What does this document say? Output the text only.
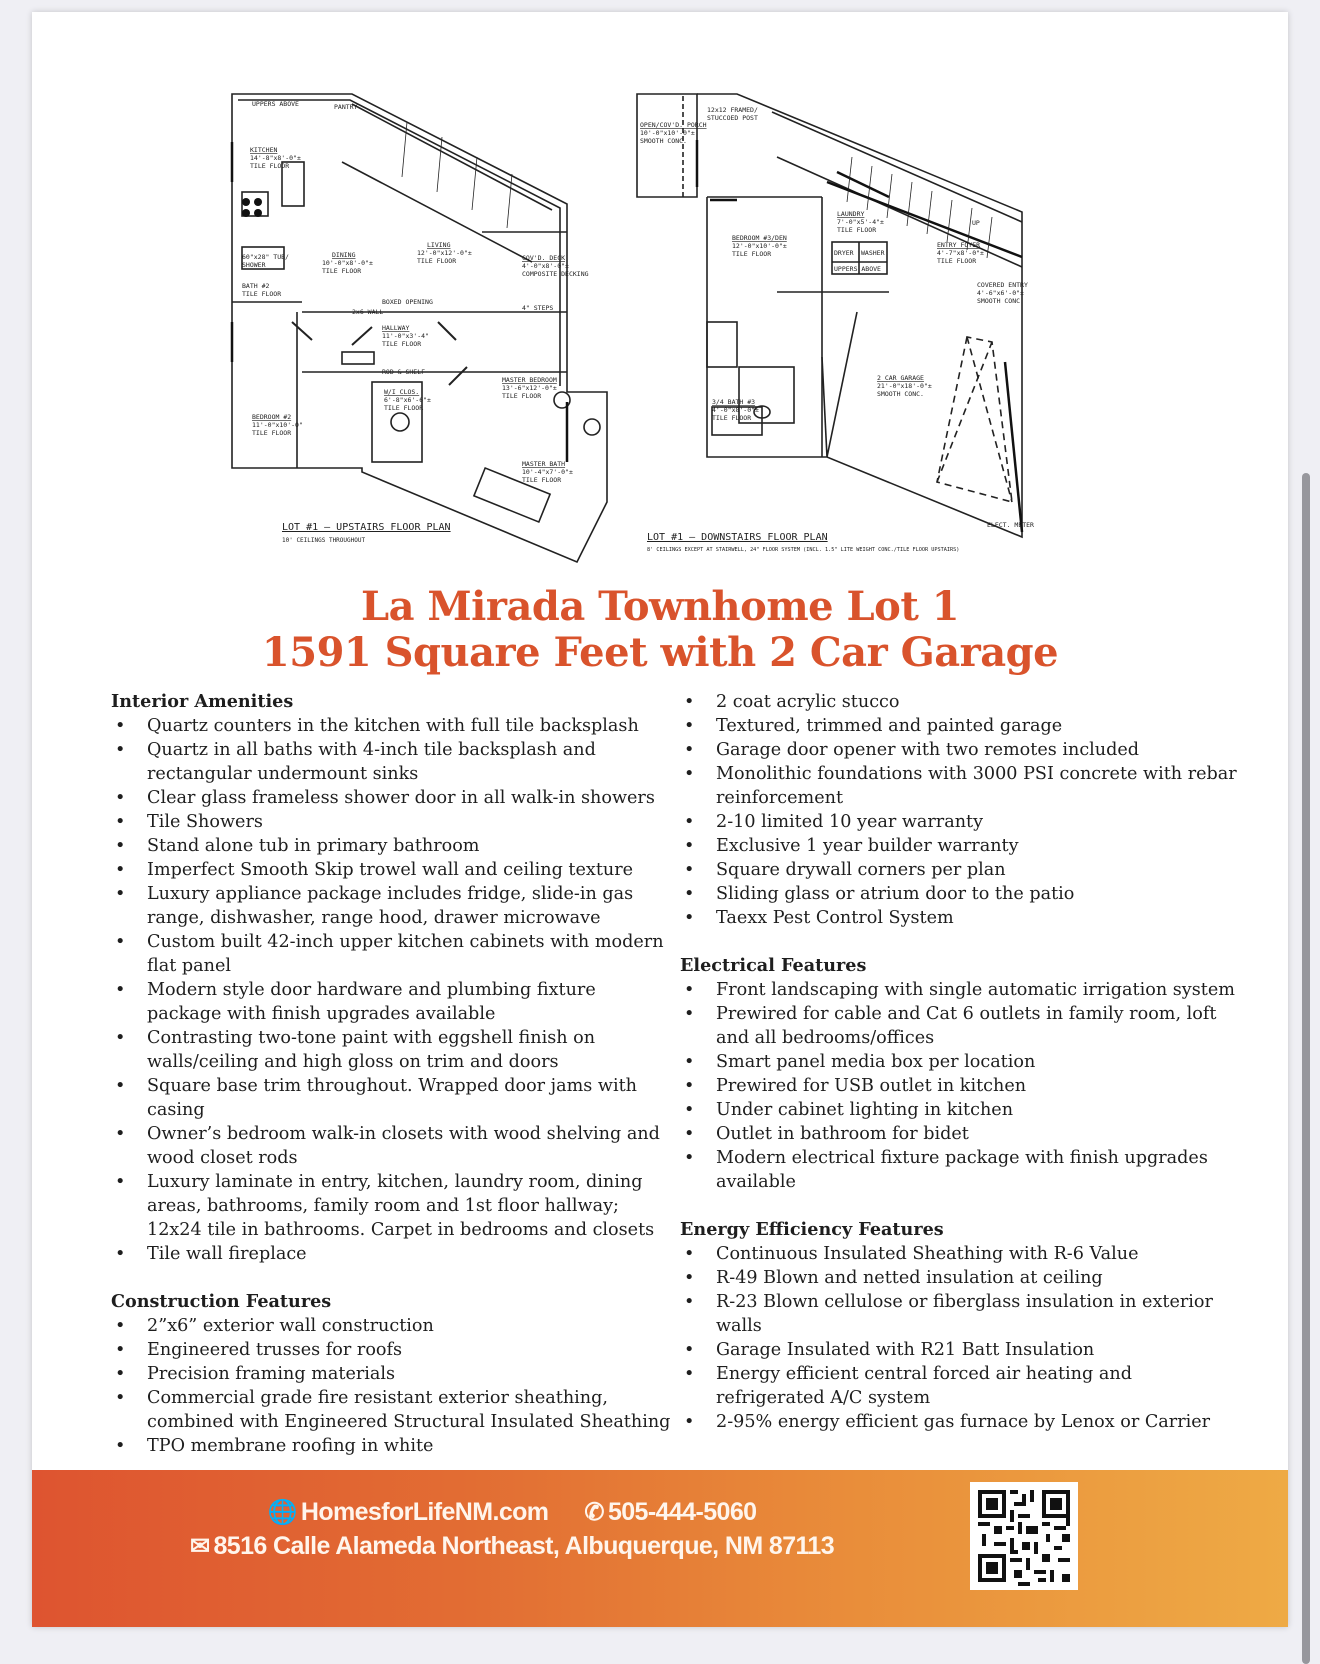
UPPERS ABOVE	PANTRY
KITCHEN
14'-8"x8'-0"±
TILE FLOOR
DINING
10'-0"x8'-0"±
TILE FLOOR
LIVING
12'-0"x12'-0"±
TILE FLOOR	COV'D. DECK
4'-0"x8'-0"±
COMPOSITE DECKING
BOXED OPENING
4" STEPS
HALLWAY
11'-0"x3'-4"
TILE FLOOR
MASTER BEDROOM
13'-6"x12'-0"±
TILE FLOOR
BEDROOM #2
11'-0"x10'-0"
TILE FLOOR
W/I CLOS.
6'-8"x6'-6"±
TILE FLOOR
MASTER BATH
10'-4"x7'-0"±
TILE FLOOR
ROD & SHELF
2x6 WALL
60"x28" TUB/
SHOWER
BATH #2
TILE FLOOR
LOT #1 — UPSTAIRS FLOOR PLAN
10' CEILINGS THROUGHOUT
OPEN/COV'D. PORCH
10'-0"x10'-0"±
SMOOTH CONC.
12x12 FRAMED/
STUCCOED POST
BEDROOM #3/DEN
12'-0"x10'-0"±
TILE FLOOR
LAUNDRY
7'-0"x5'-4"±
TILE FLOOR
DRYER WASHER
UPPERS ABOVE
ENTRY FOYER
4'-7"x8'-0"±
TILE FLOOR
2 CAR GARAGE
21'-0"x18'-0"±
SMOOTH CONC.
3/4 BATH #3
4'-0"x8'-0"±
TILE FLOOR
COVERED ENTRY
4'-6"x6'-0"±
SMOOTH CONC.
UP
ELECT. METER
LOT #1 — DOWNSTAIRS FLOOR PLAN
8' CEILINGS EXCEPT AT STAIRWELL, 24" FLOOR SYSTEM (INCL. 1.5" LITE WEIGHT CONC./TILE FLOOR UPSTAIRS)
La Mirada Townhome Lot 1
1591 Square Feet with 2 Car Garage
Interior Amenities
• Quartz counters in the kitchen with full tile backsplash
• Quartz in all baths with 4-inch tile backsplash and rectangular undermount sinks
• Clear glass frameless shower door in all walk-in showers
• Tile Showers
• Stand alone tub in primary bathroom
• Imperfect Smooth Skip trowel wall and ceiling texture
• Luxury appliance package includes fridge, slide-in gas range, dishwasher, range hood, drawer microwave
• Custom built 42-inch upper kitchen cabinets with modern flat panel
• Modern style door hardware and plumbing fixture package with finish upgrades available
• Contrasting two-tone paint with eggshell finish on walls/ceiling and high gloss on trim and doors
• Square base trim throughout. Wrapped door jams with casing
• Owner’s bedroom walk-in closets with wood shelving and wood closet rods
• Luxury laminate in entry, kitchen, laundry room, dining areas, bathrooms, family room and 1st floor hallway; 12x24 tile in bathrooms. Carpet in bedrooms and closets
• Tile wall fireplace
Construction Features
• 2”x6” exterior wall construction
• Engineered trusses for roofs
• Precision framing materials
• Commercial grade fire resistant exterior sheathing, combined with Engineered Structural Insulated Sheathing
• TPO membrane roofing in white
• 2 coat acrylic stucco
• Textured, trimmed and painted garage
• Garage door opener with two remotes included
• Monolithic foundations with 3000 PSI concrete with rebar reinforcement
• 2-10 limited 10 year warranty
• Exclusive 1 year builder warranty
• Square drywall corners per plan
• Sliding glass or atrium door to the patio
• Taexx Pest Control System
Electrical Features
• Front landscaping with single automatic irrigation system
• Prewired for cable and Cat 6 outlets in family room, loft and all bedrooms/offices
• Smart panel media box per location
• Prewired for USB outlet in kitchen
• Under cabinet lighting in kitchen
• Outlet in bathroom for bidet
• Modern electrical fixture package with finish upgrades available
Energy Efficiency Features
• Continuous Insulated Sheathing with R-6 Value
• R-49 Blown and netted insulation at ceiling
• R-23 Blown cellulose or fiberglass insulation in exterior walls
• Garage Insulated with R21 Batt Insulation
• Energy efficient central forced air heating and refrigerated A/C system
• 2-95% energy efficient gas furnace by Lenox or Carrier
🌐 HomesforLifeNM.com ✆ 505-444-5060
✉ 8516 Calle Alameda Northeast, Albuquerque, NM 87113
